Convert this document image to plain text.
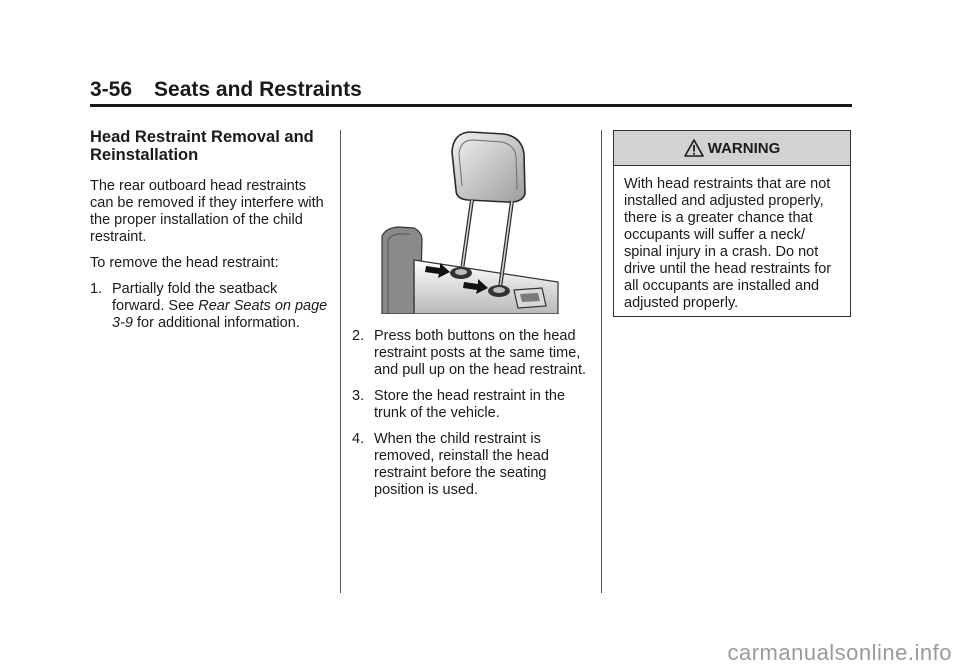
3-56 Seats and Restraints
Head Restraint Removal and
Reinstallation

The rear outboard head restraints can be removed if they interfere with the proper installation of the child restraint.

To remove the head restraint:

1. Partially fold the seatback forward. See Rear Seats on page 3-9 for additional information.
2. Press both buttons on the head restraint posts at the same time, and pull up on the head restraint.
3. Store the head restraint in the trunk of the vehicle.
4. When the child restraint is removed, reinstall the head restraint before the seating position is used.
WARNING
With head restraints that are not installed and adjusted properly, there is a greater chance that occupants will suffer a neck/ spinal injury in a crash. Do not drive until the head restraints for all occupants are installed and adjusted properly.
carmanualsonline.info
